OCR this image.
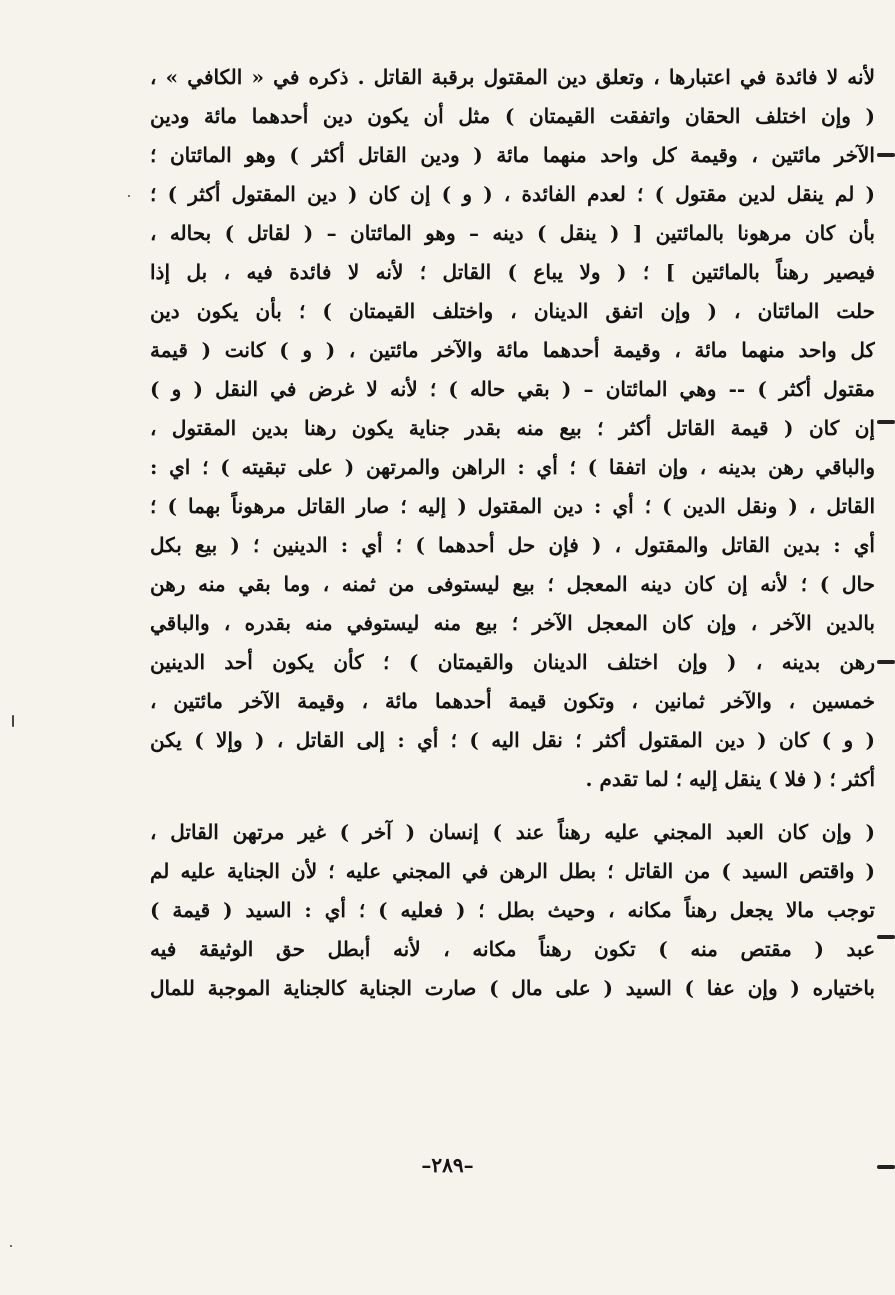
لأنه لا فائدة في اعتبارها ، وتعلق دين المقتول برقبة القاتل . ذكره في « الكافي » ،
( وإن اختلف الحقان واتفقت القيمتان ) مثل أن يكون دين أحدهما مائة ودين
الآخر مائتين ، وقيمة كل واحد منهما مائة ( ودين القاتل أكثر ) وهو المائتان ؛
( لم ينقل لدين مقتول ) ؛ لعدم الفائدة ، ( و ) إن كان ( دين المقتول أكثر ) ؛
بأن كان مرهونا بالمائتين [ ( ينقل ) دينه – وهو المائتان – ( لقاتل ) بحاله ،
فيصير رهناً بالمائتين ] ؛ ( ولا يباع ) القاتل ؛ لأنه لا فائدة فيه ، بل إذا
حلت المائتان ، ( وإن اتفق الدينان ، واختلف القيمتان ) ؛ بأن يكون دين
كل واحد منهما مائة ، وقيمة أحدهما مائة والآخر مائتين ، ( و ) كانت ( قيمة
مقتول أكثر ) -- وهي المائتان – ( بقي حاله ) ؛ لأنه لا غرض في النقل ( و )
إن كان ( قيمة القاتل أكثر ؛ بيع منه بقدر جناية يكون رهنا بدين المقتول ،
والباقي رهن بدينه ، وإن اتفقا ) ؛ أي : الراهن والمرتهن ( على تبقيته ) ؛ اي :
القاتل ، ( ونقل الدين ) ؛ أي : دين المقتول ( إليه ؛ صار القاتل مرهوناً بهما ) ؛
أي : بدين القاتل والمقتول ، ( فإن حل أحدهما ) ؛ أي : الدينين ؛ ( بيع بكل
حال ) ؛ لأنه إن كان دينه المعجل ؛ بيع ليستوفى من ثمنه ، وما بقي منه رهن
بالدين الآخر ، وإن كان المعجل الآخر ؛ بيع منه ليستوفي منه بقدره ، والباقي
رهن بدينه ، ( وإن اختلف الدينان والقيمتان ) ؛ كأن يكون أحد الدينين
خمسين ، والآخر ثمانين ، وتكون قيمة أحدهما مائة ، وقيمة الآخر مائتين ،
( و ) كان ( دين المقتول أكثر ؛ نقل اليه ) ؛ أي : إلى القاتل ، ( وإلا ) يكن
أكثر ؛ ( فلا ) ينقل إليه ؛ لما تقدم .
( وإن كان العبد المجني عليه رهناً عند ) إنسان ( آخر ) غير مرتهن القاتل ،
( واقتص السيد ) من القاتل ؛ بطل الرهن في المجني عليه ؛ لأن الجناية عليه لم
توجب مالا يجعل رهناً مكانه ، وحيث بطل ؛ ( فعليه ) ؛ أي : السيد ( قيمة )
عبد ( مقتص منه ) تكون رهناً مكانه ، لأنه أبطل حق الوثيقة فيه
باختياره ( وإن عفا ) السيد ( على مال ) صارت الجناية كالجناية الموجبة للمال
–٢٨٩–
